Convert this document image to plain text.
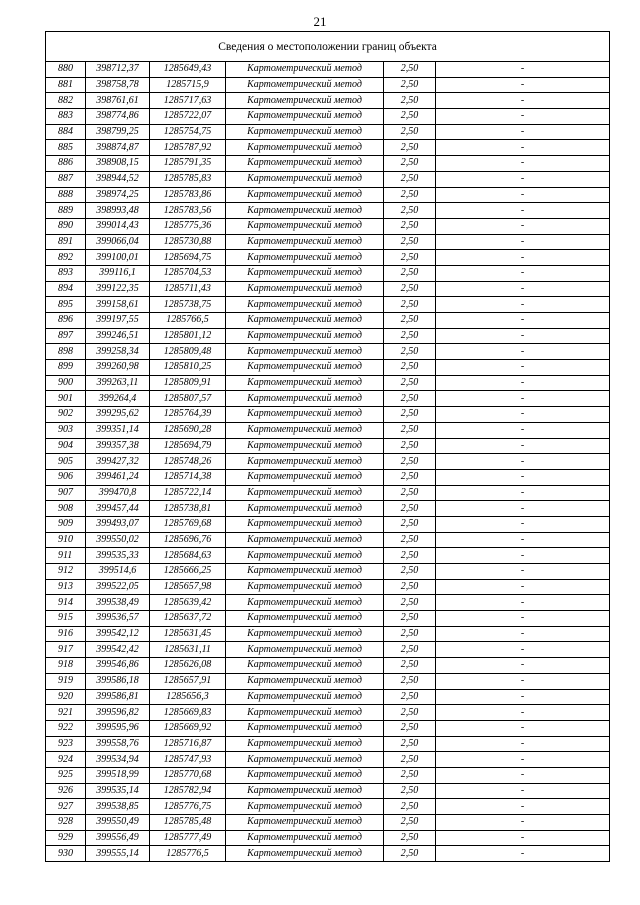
21
Сведения о местоположении границ объекта					
880	398712,37	1285649,43	Картометрический метод	2,50	-
881	398758,78	1285715,9	Картометрический метод	2,50	-
882	398761,61	1285717,63	Картометрический метод	2,50	-
883	398774,86	1285722,07	Картометрический метод	2,50	-
884	398799,25	1285754,75	Картометрический метод	2,50	-
885	398874,87	1285787,92	Картометрический метод	2,50	-
886	398908,15	1285791,35	Картометрический метод	2,50	-
887	398944,52	1285785,83	Картометрический метод	2,50	-
888	398974,25	1285783,86	Картометрический метод	2,50	-
889	398993,48	1285783,56	Картометрический метод	2,50	-
890	399014,43	1285775,36	Картометрический метод	2,50	-
891	399066,04	1285730,88	Картометрический метод	2,50	-
892	399100,01	1285694,75	Картометрический метод	2,50	-
893	399116,1	1285704,53	Картометрический метод	2,50	-
894	399122,35	1285711,43	Картометрический метод	2,50	-
895	399158,61	1285738,75	Картометрический метод	2,50	-
896	399197,55	1285766,5	Картометрический метод	2,50	-
897	399246,51	1285801,12	Картометрический метод	2,50	-
898	399258,34	1285809,48	Картометрический метод	2,50	-
899	399260,98	1285810,25	Картометрический метод	2,50	-
900	399263,11	1285809,91	Картометрический метод	2,50	-
901	399264,4	1285807,57	Картометрический метод	2,50	-
902	399295,62	1285764,39	Картометрический метод	2,50	-
903	399351,14	1285690,28	Картометрический метод	2,50	-
904	399357,38	1285694,79	Картометрический метод	2,50	-
905	399427,32	1285748,26	Картометрический метод	2,50	-
906	399461,24	1285714,38	Картометрический метод	2,50	-
907	399470,8	1285722,14	Картометрический метод	2,50	-
908	399457,44	1285738,81	Картометрический метод	2,50	-
909	399493,07	1285769,68	Картометрический метод	2,50	-
910	399550,02	1285696,76	Картометрический метод	2,50	-
911	399535,33	1285684,63	Картометрический метод	2,50	-
912	399514,6	1285666,25	Картометрический метод	2,50	-
913	399522,05	1285657,98	Картометрический метод	2,50	-
914	399538,49	1285639,42	Картометрический метод	2,50	-
915	399536,57	1285637,72	Картометрический метод	2,50	-
916	399542,12	1285631,45	Картометрический метод	2,50	-
917	399542,42	1285631,11	Картометрический метод	2,50	-
918	399546,86	1285626,08	Картометрический метод	2,50	-
919	399586,18	1285657,91	Картометрический метод	2,50	-
920	399586,81	1285656,3	Картометрический метод	2,50	-
921	399596,82	1285669,83	Картометрический метод	2,50	-
922	399595,96	1285669,92	Картометрический метод	2,50	-
923	399558,76	1285716,87	Картометрический метод	2,50	-
924	399534,94	1285747,93	Картометрический метод	2,50	-
925	399518,99	1285770,68	Картометрический метод	2,50	-
926	399535,14	1285782,94	Картометрический метод	2,50	-
927	399538,85	1285776,75	Картометрический метод	2,50	-
928	399550,49	1285785,48	Картометрический метод	2,50	-
929	399556,49	1285777,49	Картометрический метод	2,50	-
930	399555,14	1285776,5	Картометрический метод	2,50	-
